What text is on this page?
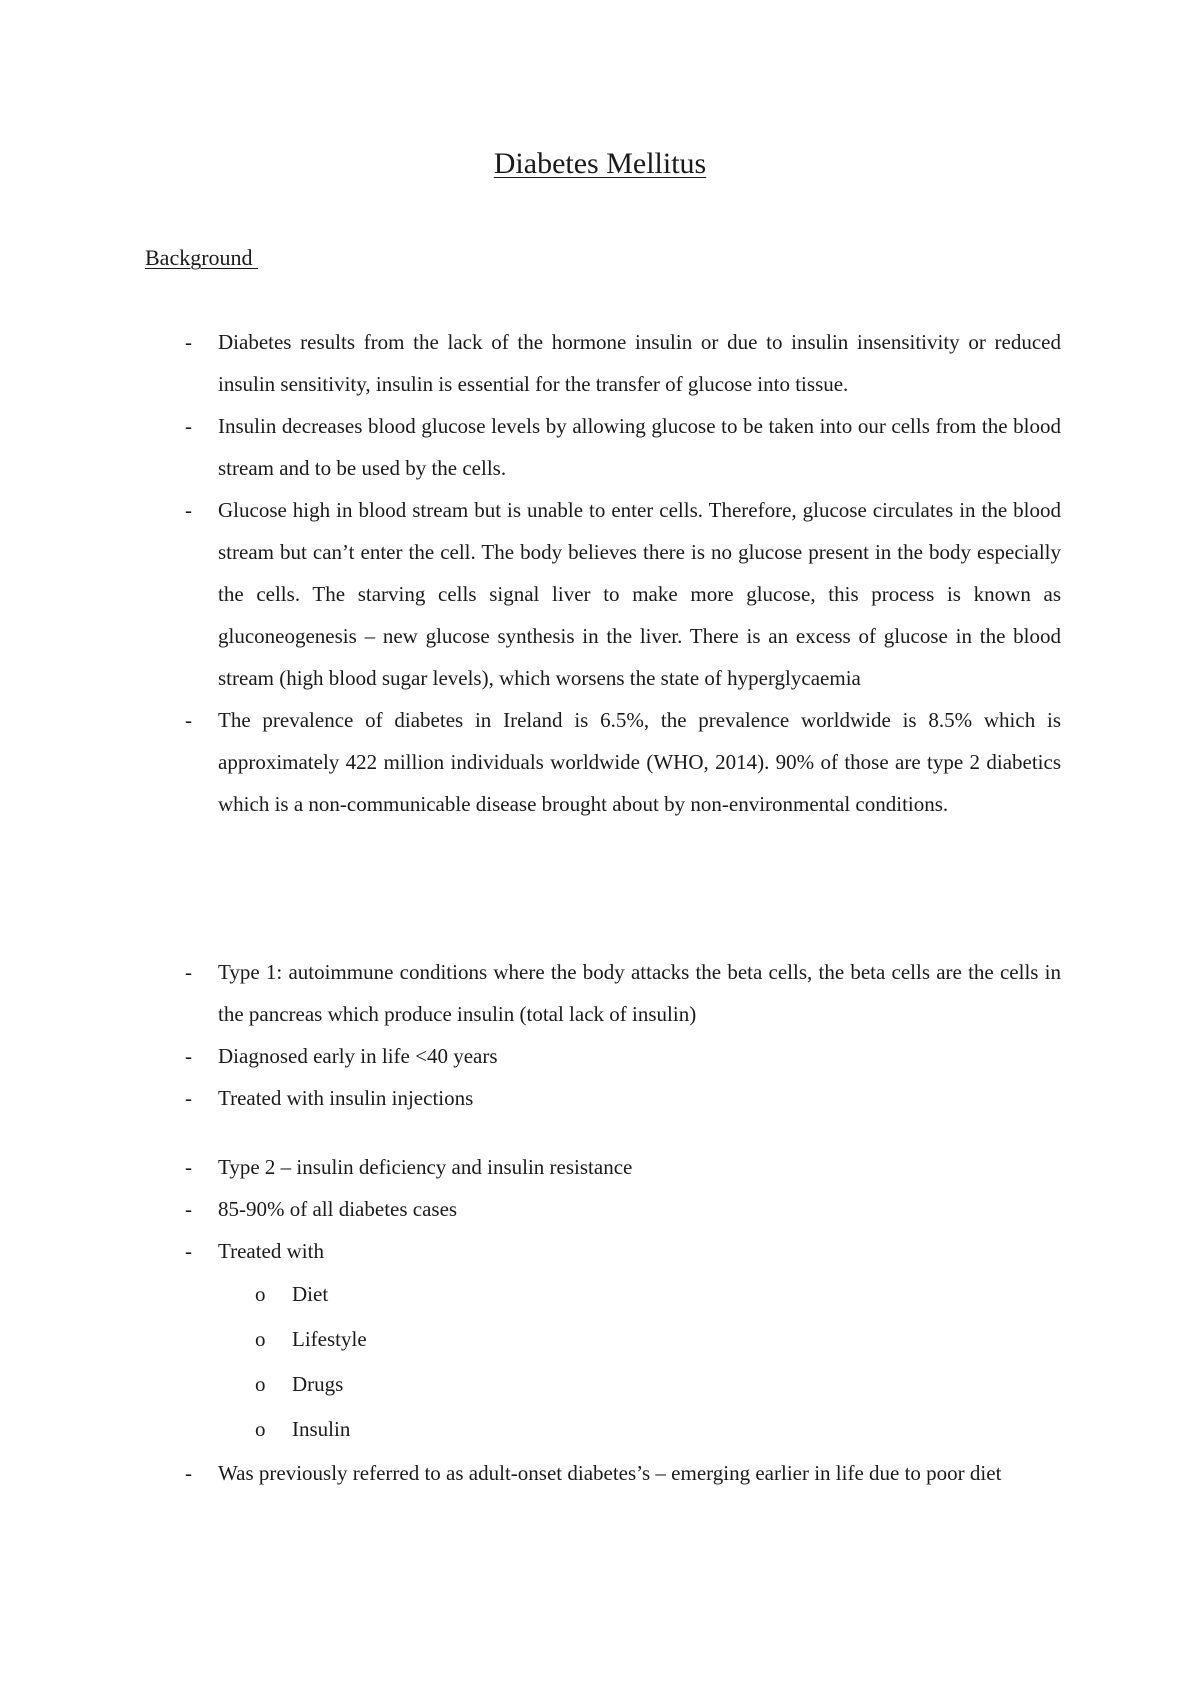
Diabetes Mellitus
Background
- Diabetes results from the lack of the hormone insulin or due to insulin insensitivity or reduced insulin sensitivity, insulin is essential for the transfer of glucose into tissue.
- Insulin decreases blood glucose levels by allowing glucose to be taken into our cells from the blood stream and to be used by the cells.
- Glucose high in blood stream but is unable to enter cells. Therefore, glucose circulates in the blood stream but can’t enter the cell. The body believes there is no glucose present in the body especially the cells. The starving cells signal liver to make more glucose, this process is known as gluconeogenesis – new glucose synthesis in the liver. There is an excess of glucose in the blood stream (high blood sugar levels), which worsens the state of hyperglycaemia
- The prevalence of diabetes in Ireland is 6.5%, the prevalence worldwide is 8.5% which is approximately 422 million individuals worldwide (WHO, 2014). 90% of those are type 2 diabetics which is a non-communicable disease brought about by non-environmental conditions.
- Type 1: autoimmune conditions where the body attacks the beta cells, the beta cells are the cells in the pancreas which produce insulin (total lack of insulin)
- Diagnosed early in life <40 years
- Treated with insulin injections
- Type 2 – insulin deficiency and insulin resistance
- 85-90% of all diabetes cases
- Treated with
o Diet
o Lifestyle
o Drugs
o Insulin
- Was previously referred to as adult-onset diabetes’s – emerging earlier in life due to poor diet
